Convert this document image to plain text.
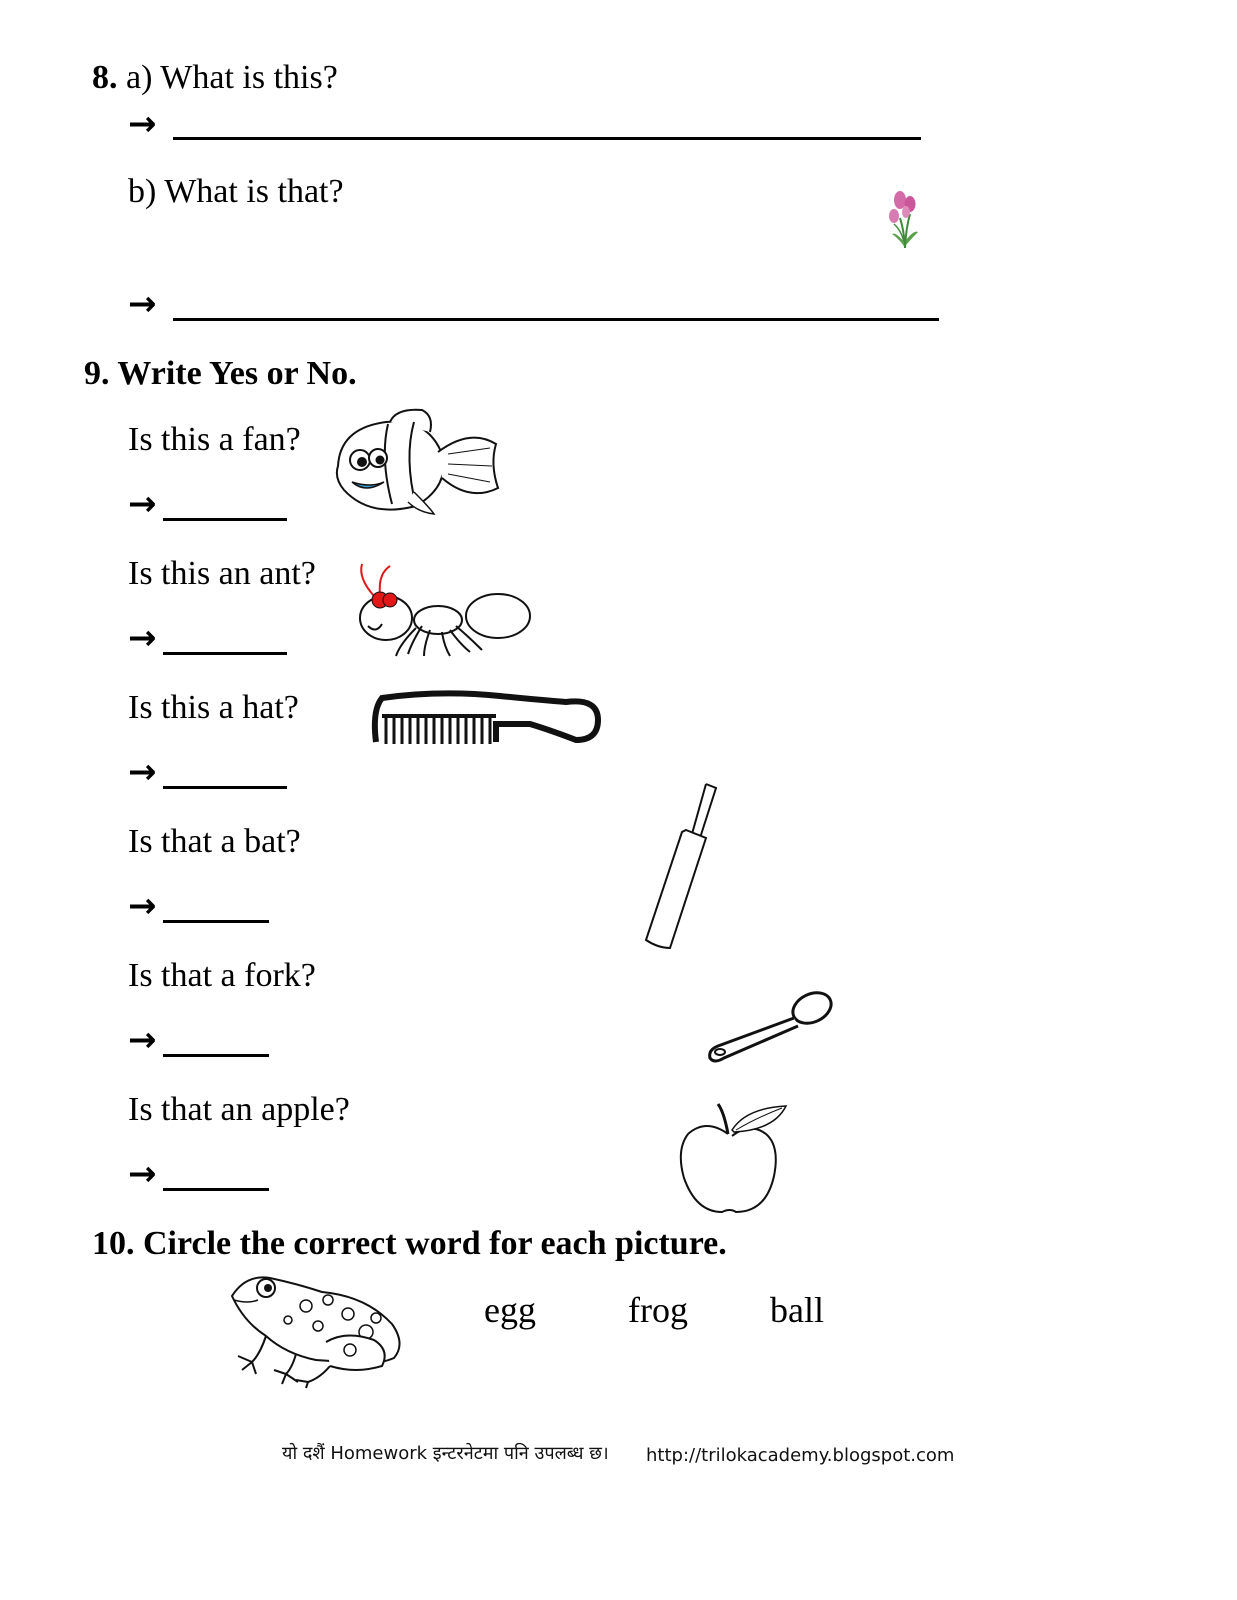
8. a) What is this?
→
b) What is that?
→
9. Write Yes or No.
Is this a fan?
→
Is this an ant?
→
Is this a hat?
→
Is that a bat?
→
Is that a fork?
→
Is that an apple?
→
10. Circle the correct word for each picture.
egg	frog ball
यो दशैं Homework इन्टरनेटमा पनि उपलब्ध छ। http://trilokacademy.blogspot.com
